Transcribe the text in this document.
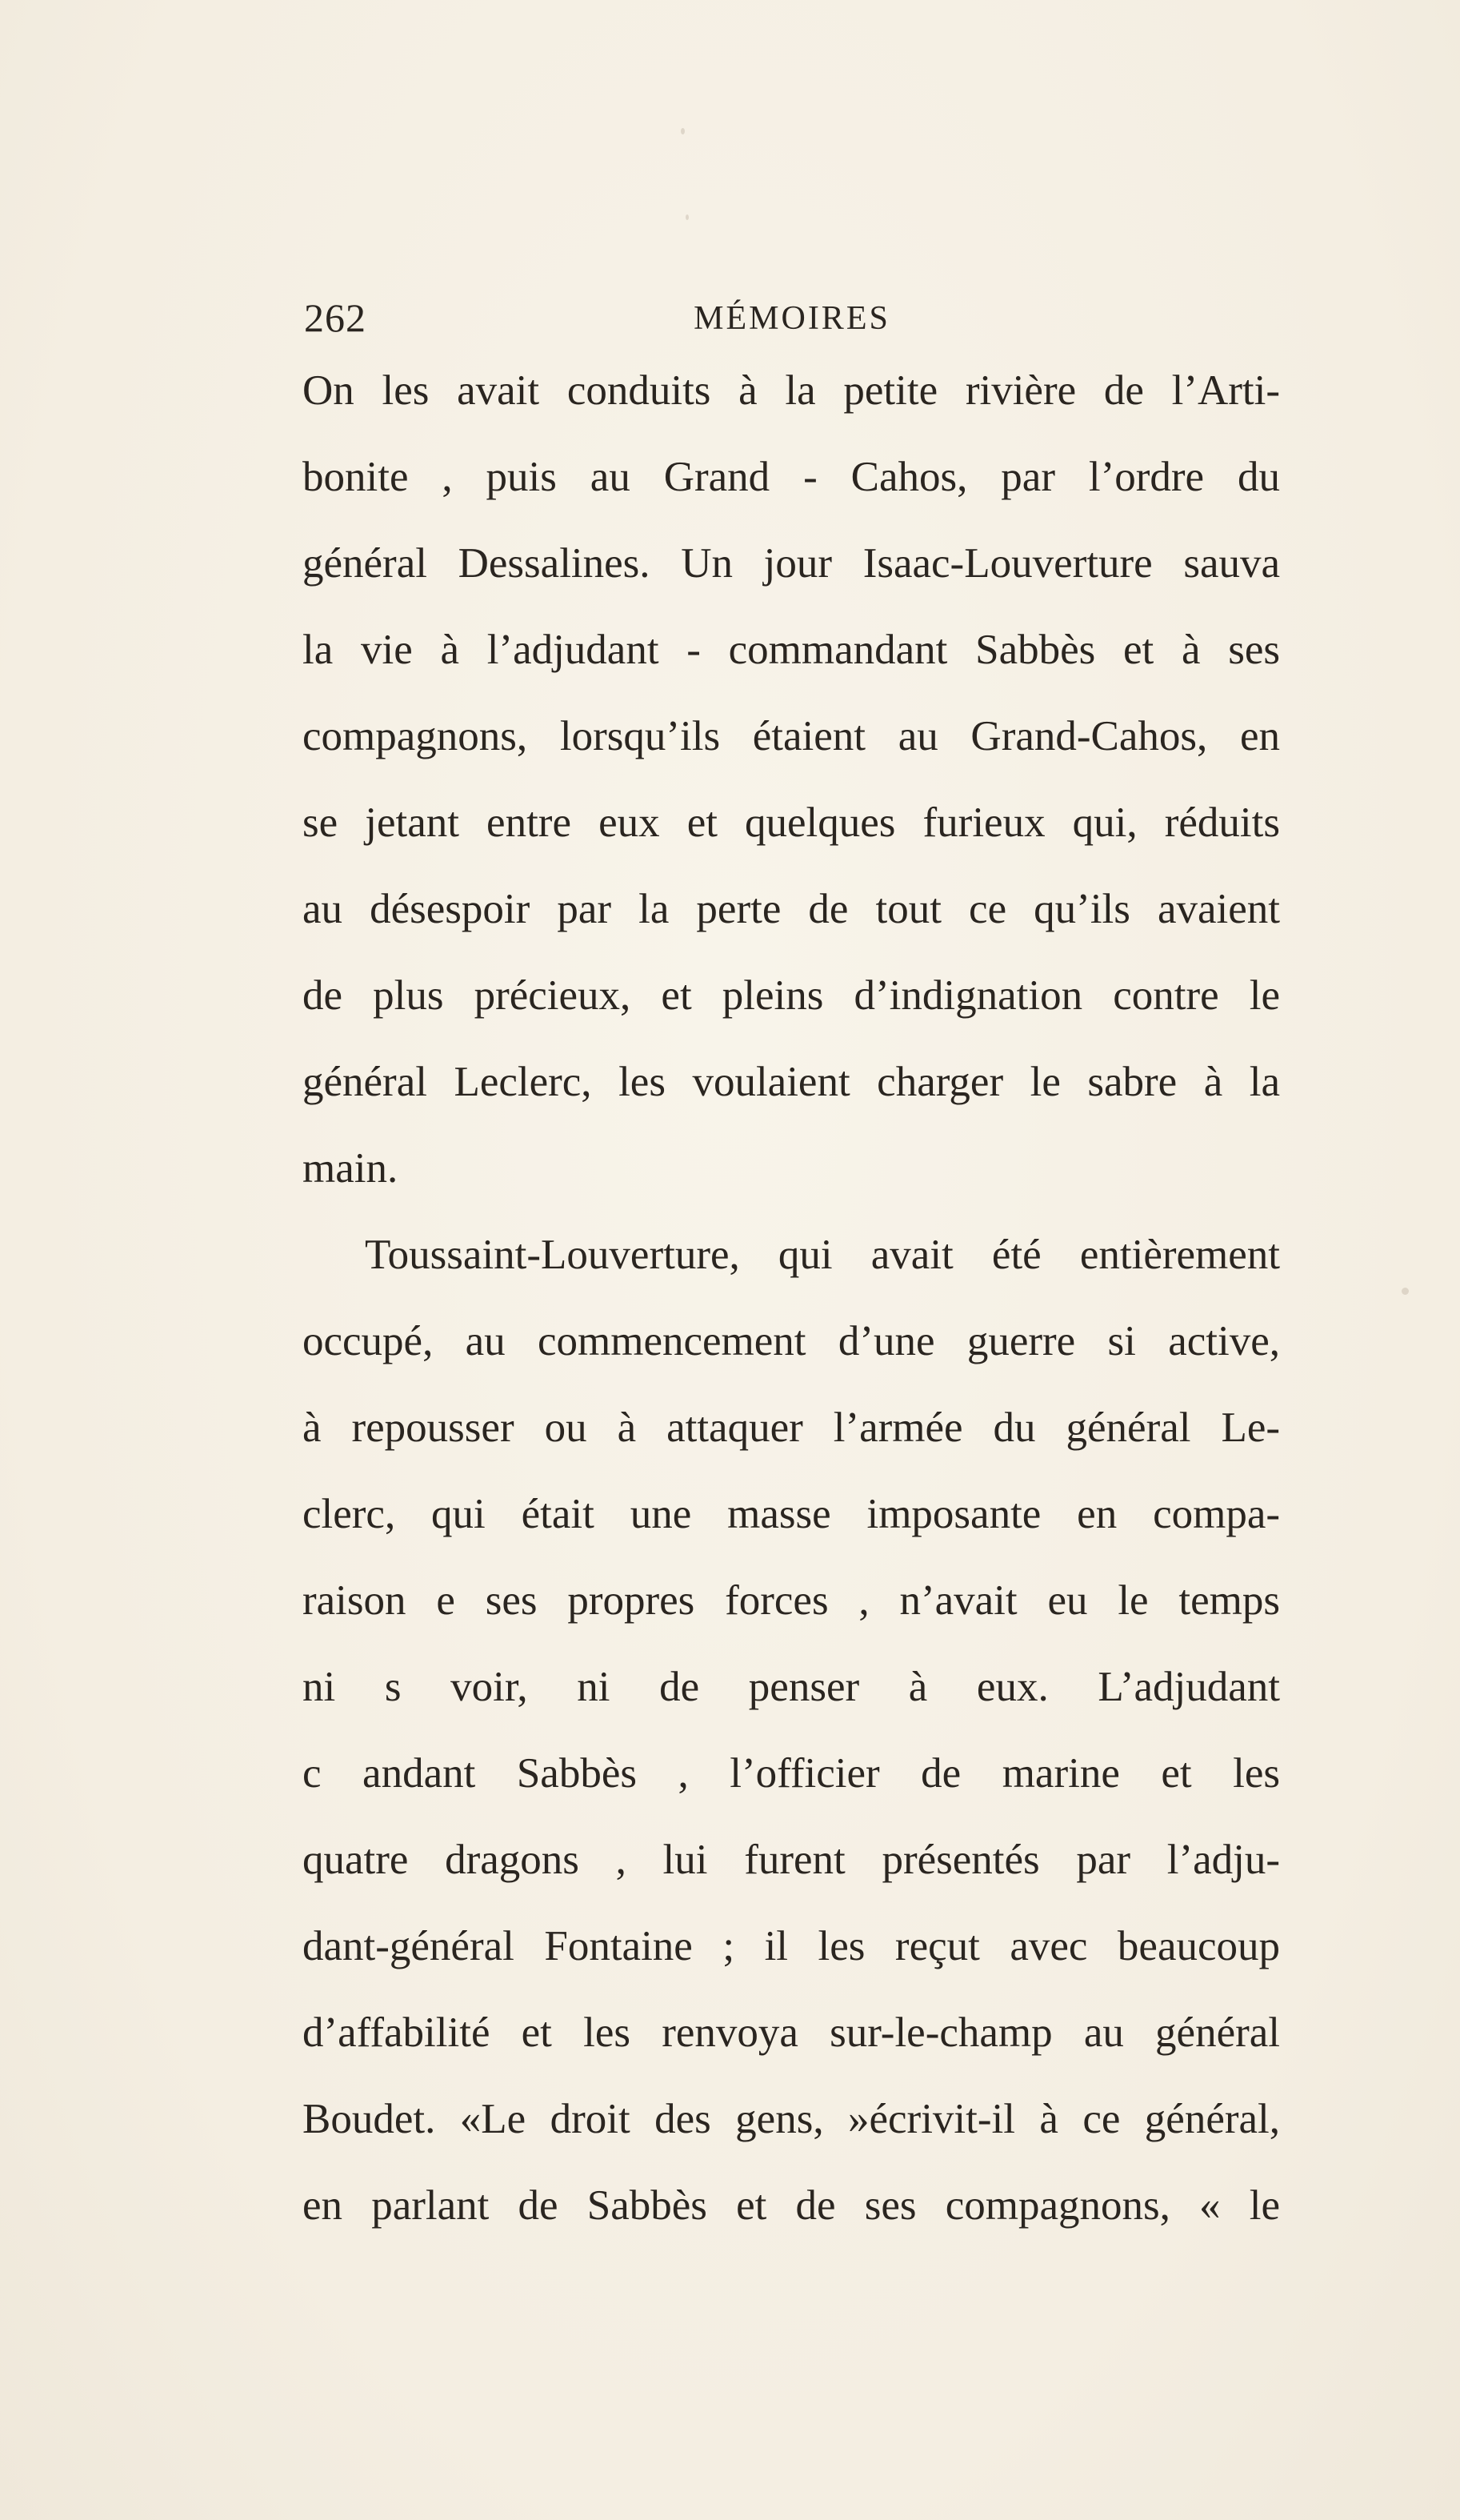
262	MÉMOIRES
On les avait conduits à la petite rivière de l’Arti-
bonite , puis au Grand - Cahos, par l’ordre du
général Dessalines. Un jour Isaac-Louverture sauva
la vie à l’adjudant - commandant Sabbès et à ses
compagnons, lorsqu’ils étaient au Grand-Cahos, en
se jetant entre eux et quelques furieux qui, réduits
au désespoir par la perte de tout ce qu’ils avaient
de plus précieux, et pleins d’indignation contre le
général Leclerc, les voulaient charger le sabre à la
main.
Toussaint-Louverture, qui avait été entièrement
occupé, au commencement d’une guerre si active,
à repousser ou à attaquer l’armée du général Le-
clerc, qui était une masse imposante en compa-
raison e ses propres forces , n’avait eu le temps
ni s voir, ni de penser à eux. L’adjudant
c andant Sabbès , l’officier de marine et les
quatre dragons , lui furent présentés par l’adju-
dant-général Fontaine ; il les reçut avec beaucoup
d’affabilité et les renvoya sur-le-champ au général
Boudet. «Le droit des gens, »écrivit-il à ce général,
en parlant de Sabbès et de ses compagnons, « le
